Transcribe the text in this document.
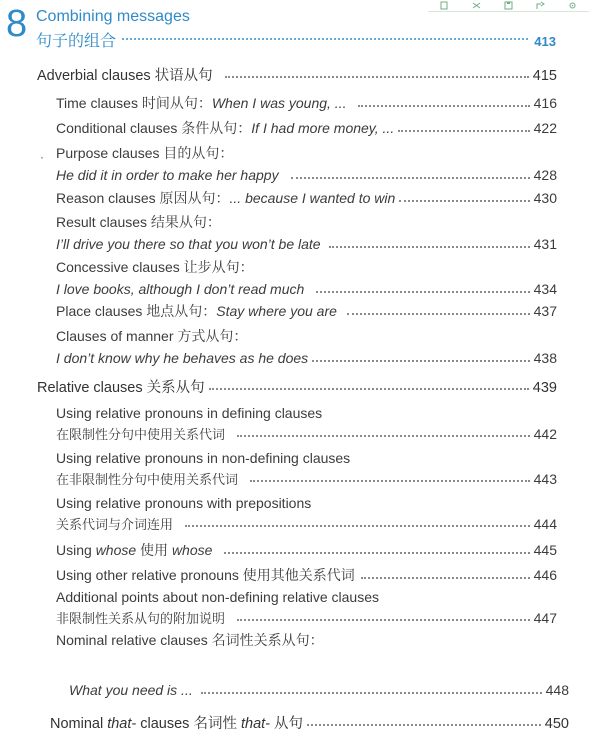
8 Combining messages
句子的组合	413
Adverbial clauses 状语从句	415
Time clauses 时间从句： When I was young, ...	416
Conditional clauses 条件从句： If I had more money, ...	422
· Purpose clauses 目的从句：
He did it in order to make her happy	428
Reason clauses 原因从句： ... because I wanted to win	430
Result clauses 结果从句：
I’ll drive you there so that you won’t be late	431
Concessive clauses 让步从句：
I love books, although I don’t read much	434
Place clauses 地点从句： Stay where you are	437
Clauses of manner 方式从句：
I don’t know why he behaves as he does	438
Relative clauses 关系从句	439
Using relative pronouns in defining clauses
在限制性分句中使用关系代词	442
Using relative pronouns in non-defining clauses
在非限制性分句中使用关系代词	443
Using relative pronouns with prepositions
关系代词与介词连用	444
Using whose 使用 whose	445
Using other relative pronouns 使用其他关系代词	446
Additional points about non-defining relative clauses
非限制性关系从句的附加说明	447
Nominal relative clauses 名词性关系从句：
What you need is ...	448
Nominal that- clauses 名词性 that- 从句	450
